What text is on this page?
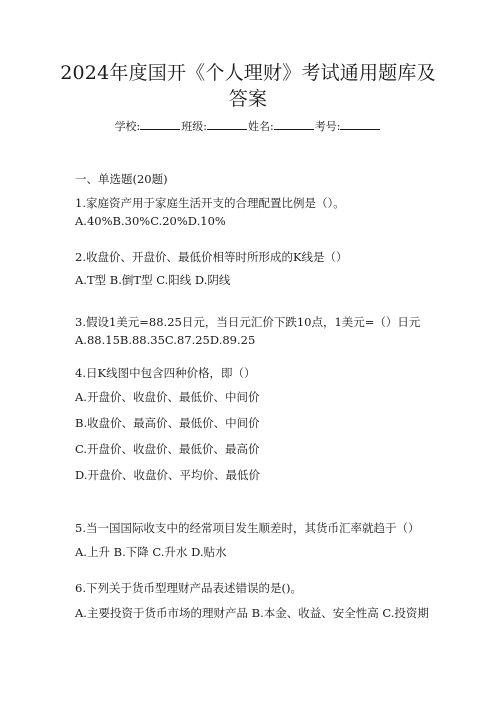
2024年度国开《个人理财》考试通用题库及
答案
学校:	班级:	姓名:	考号:
一、单选题(20题)
1.家庭资产用于家庭生活开支的合理配置比例是（）。
A.40%B.30%C.20%D.10%
2.收盘价、开盘价、最低价相等时所形成的K线是（）
A.T型 B.倒T型 C.阳线 D.阴线
3.假设1美元=88.25日元，当日元汇价下跌10点，1美元=（）日元
A.88.15B.88.35C.87.25D.89.25
4.日K线图中包含四种价格，即（）
A.开盘价、收盘价、最低价、中间价
B.收盘价、最高价、最低价、中间价
C.开盘价、收盘价、最低价、最高价
D.开盘价、收盘价、平均价、最低价
5.当一国国际收支中的经常项目发生顺差时，其货币汇率就趋于（）
A.上升 B.下降 C.升水 D.贴水
6.下列关于货币型理财产品表述错误的是()。
A.主要投资于货币市场的理财产品 B.本金、收益、安全性高 C.投资期
